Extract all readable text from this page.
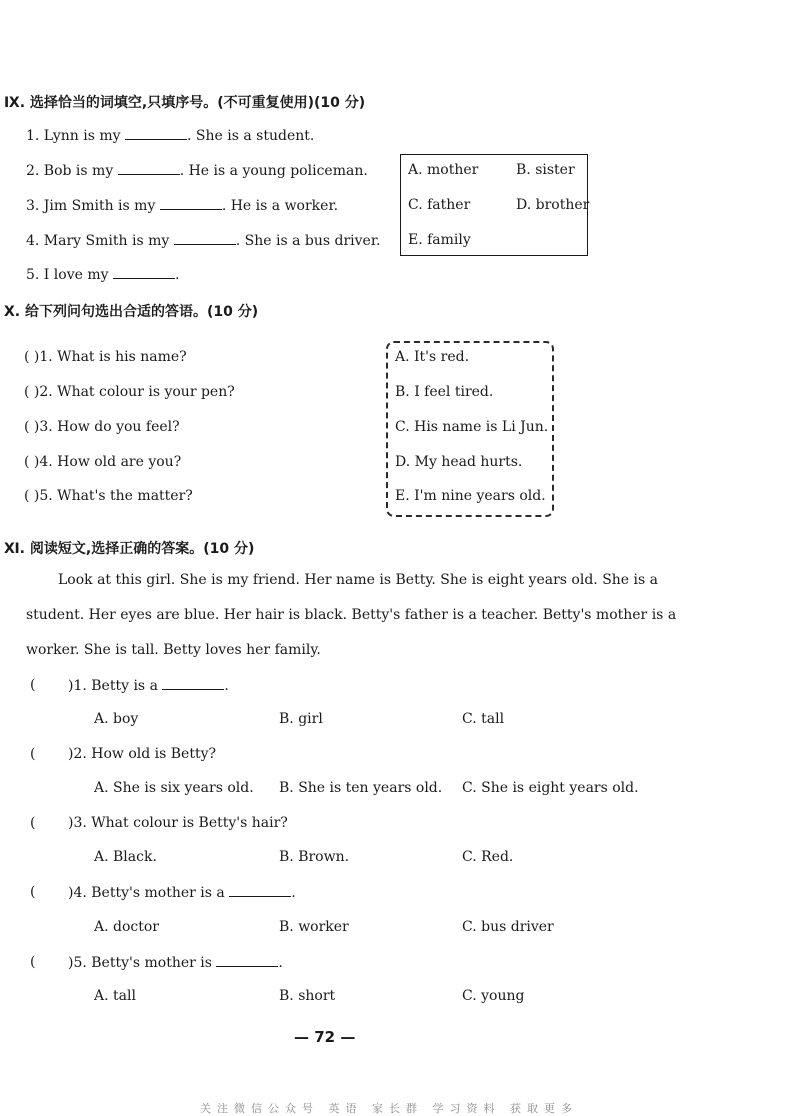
Ⅸ. 选择恰当的词填空,只填序号。(不可重复使用)(10 分)
1. Lynn is my	. She is a student.
2. Bob is my	. He is a young policeman.
3. Jim Smith is my	. He is a worker.
4. Mary Smith is my	. She is a bus driver.
5. I love my	.
A. mother	B. sister
C. father	D. brother
E. family
Ⅹ. 给下列问句选出合适的答语。(10 分)
( )1. What is his name?
( )2. What colour is your pen?
( )3. How do you feel?
( )4. How old are you?
( )5. What's the matter?
A. It's red.
B. I feel tired.
C. His name is Li Jun.
D. My head hurts.
E. I'm nine years old.
Ⅺ. 阅读短文,选择正确的答案。(10 分)
Look at this girl. She is my friend. Her name is Betty. She is eight years old. She is a
student. Her eyes are blue. Her hair is black. Betty's father is a teacher. Betty's mother is a
worker. She is tall. Betty loves her family.
( )1. Betty is a	.
A. boy	B. girl	C. tall
( )2. How old is Betty?
A. She is six years old. B. She is ten years old. C. She is eight years old.
( )3. What colour is Betty's hair?
A. Black.	B. Brown.	C. Red.
( )4. Betty's mother is a	.
A. doctor	B. worker	C. bus driver
( )5. Betty's mother is	.
A. tall	B. short	C. young
— 72 —
关注微信公众号 英语 家长群 学习资料 获取更多
